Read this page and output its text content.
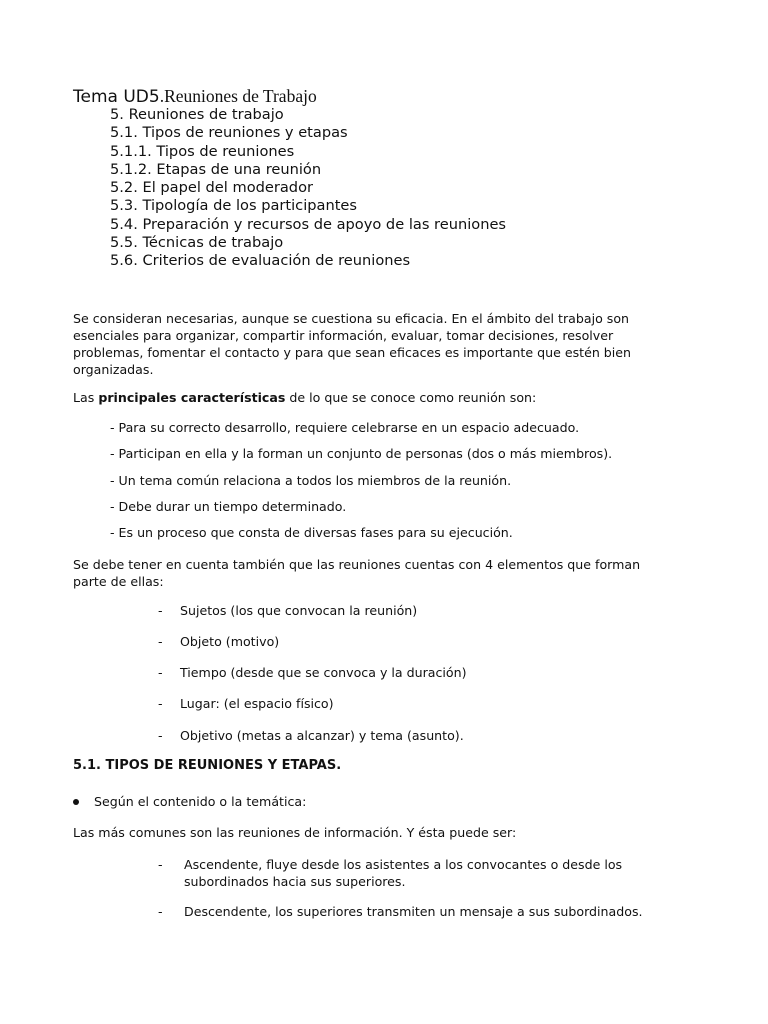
Tema UD5.Reuniones de Trabajo
5. Reuniones de trabajo
5.1. Tipos de reuniones y etapas
5.1.1. Tipos de reuniones
5.1.2. Etapas de una reunión
5.2. El papel del moderador
5.3. Tipología de los participantes
5.4. Preparación y recursos de apoyo de las reuniones
5.5. Técnicas de trabajo
5.6. Criterios de evaluación de reuniones

Se consideran necesarias, aunque se cuestiona su eficacia. En el ámbito del trabajo son esenciales para organizar, compartir información, evaluar, tomar decisiones, resolver problemas, fomentar el contacto y para que sean eficaces es importante que estén bien organizadas.

Las principales características de lo que se conoce como reunión son:

- Para su correcto desarrollo, requiere celebrarse en un espacio adecuado.
- Participan en ella y la forman un conjunto de personas (dos o más miembros).
- Un tema común relaciona a todos los miembros de la reunión.
- Debe durar un tiempo determinado.
- Es un proceso que consta de diversas fases para su ejecución.

Se debe tener en cuenta también que las reuniones cuentas con 4 elementos que forman parte de ellas:

- Sujetos (los que convocan la reunión)
- Objeto (motivo)
- Tiempo (desde que se convoca y la duración)
- Lugar: (el espacio físico)
- Objetivo (metas a alcanzar) y tema (asunto).
5.1. TIPOS DE REUNIONES Y ETAPAS.
Según el contenido o la temática:

Las más comunes son las reuniones de información. Y ésta puede ser:

- Ascendente, fluye desde los asistentes a los convocantes o desde los subordinados hacia sus superiores.
- Descendente, los superiores transmiten un mensaje a sus subordinados.
